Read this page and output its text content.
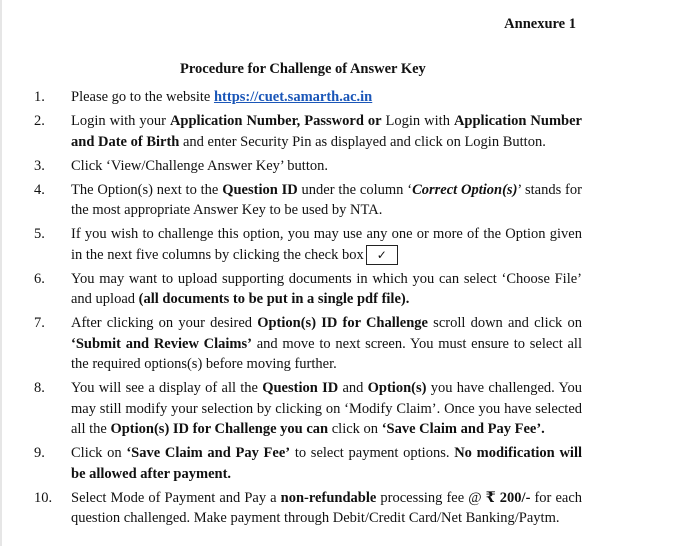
Annexure 1
Procedure for Challenge of Answer Key
1.	Please go to the website https://cuet.samarth.ac.in
2.	Login with your Application Number, Password or Login with Application Number and Date of Birth and enter Security Pin as displayed and click on Login Button.
3.	Click ‘View/Challenge Answer Key’ button.
4.	The Option(s) next to the Question ID under the column ‘Correct Option(s)’ stands for the most appropriate Answer Key to be used by NTA.
5.	If you wish to challenge this option, you may use any one or more of the Option given in the next five columns by clicking the check box ✓
6.	You may want to upload supporting documents in which you can select ‘Choose File’ and upload (all documents to be put in a single pdf file).
7.	After clicking on your desired Option(s) ID for Challenge scroll down and click on ‘Submit and Review Claims’ and move to next screen. You must ensure to select all the required options(s) before moving further.
8.	You will see a display of all the Question ID and Option(s) you have challenged. You may still modify your selection by clicking on ‘Modify Claim’. Once you have selected all the Option(s) ID for Challenge you can click on ‘Save Claim and Pay Fee’.
9.	Click on ‘Save Claim and Pay Fee’ to select payment options. No modification will be allowed after payment.
10.	Select Mode of Payment and Pay a non-refundable processing fee @ ₹ 200/- for each question challenged. Make payment through Debit/Credit Card/Net Banking/Paytm.
